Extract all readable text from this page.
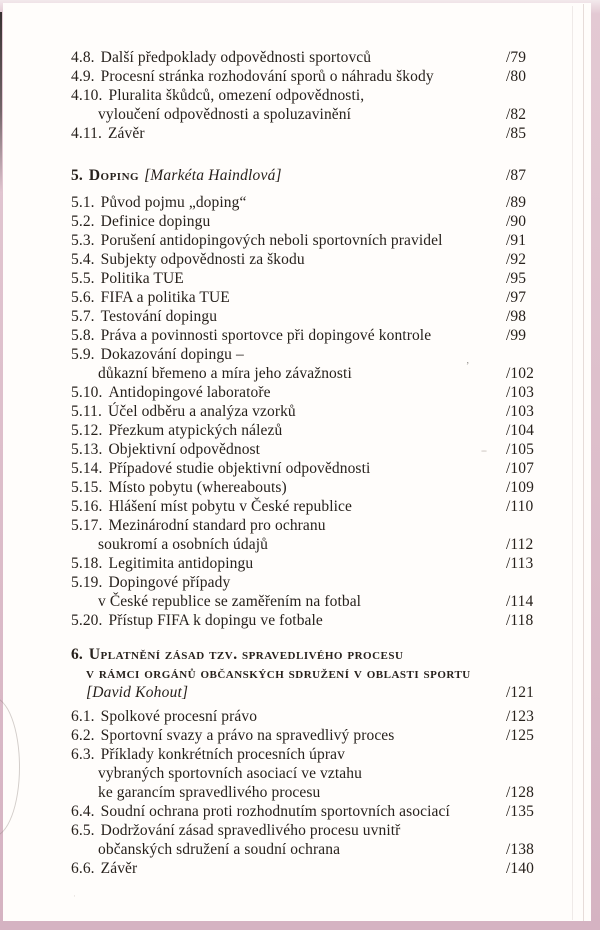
4.8. Další předpoklady odpovědnosti sportovců	/79
4.9. Procesní stránka rozhodování sporů o náhradu škody	/80
4.10. Pluralita škůdců, omezení odpovědnosti,
vyloučení odpovědnosti a spoluzavinění	/82
4.11. Závěr	/85
5. Doping [Markéta Haindlová]	/87
5.1. Původ pojmu „doping“	/89
5.2. Definice dopingu	/90
5.3. Porušení antidopingových neboli sportovních pravidel	/91
5.4. Subjekty odpovědnosti za škodu	/92
5.5. Politika TUE	/95
5.6. FIFA a politika TUE	/97
5.7. Testování dopingu	/98
5.8. Práva a povinnosti sportovce při dopingové kontrole	/99
5.9. Dokazování dopingu –
důkazní břemeno a míra jeho závažnosti	/102
5.10. Antidopingové laboratoře	/103
5.11. Účel odběru a analýza vzorků	/103
5.12. Přezkum atypických nálezů	/104
5.13. Objektivní odpovědnost	/105
5.14. Případové studie objektivní odpovědnosti	/107
5.15. Místo pobytu (whereabouts)	/109
5.16. Hlášení míst pobytu v České republice	/110
5.17. Mezinárodní standard pro ochranu
soukromí a osobních údajů	/112
5.18. Legitimita antidopingu	/113
5.19. Dopingové případy
v České republice se zaměřením na fotbal	/114
5.20. Přístup FIFA k dopingu ve fotbale	/118
6. Uplatnění zásad tzv. spravedlivého procesu
v rámci orgánů občanských sdružení v oblasti sportu
[David Kohout]	/121
6.1. Spolkové procesní právo	/123
6.2. Sportovní svazy a právo na spravedlivý proces	/125
6.3. Příklady konkrétních procesních úprav
vybraných sportovních asociací ve vztahu
ke garancím spravedlivého procesu	/128
6.4. Soudní ochrana proti rozhodnutím sportovních asociací	/135
6.5. Dodržování zásad spravedlivého procesu uvnitř
občanských sdružení a soudní ochrana	/138
6.6. Závěr	/140
ʼ
--
·
